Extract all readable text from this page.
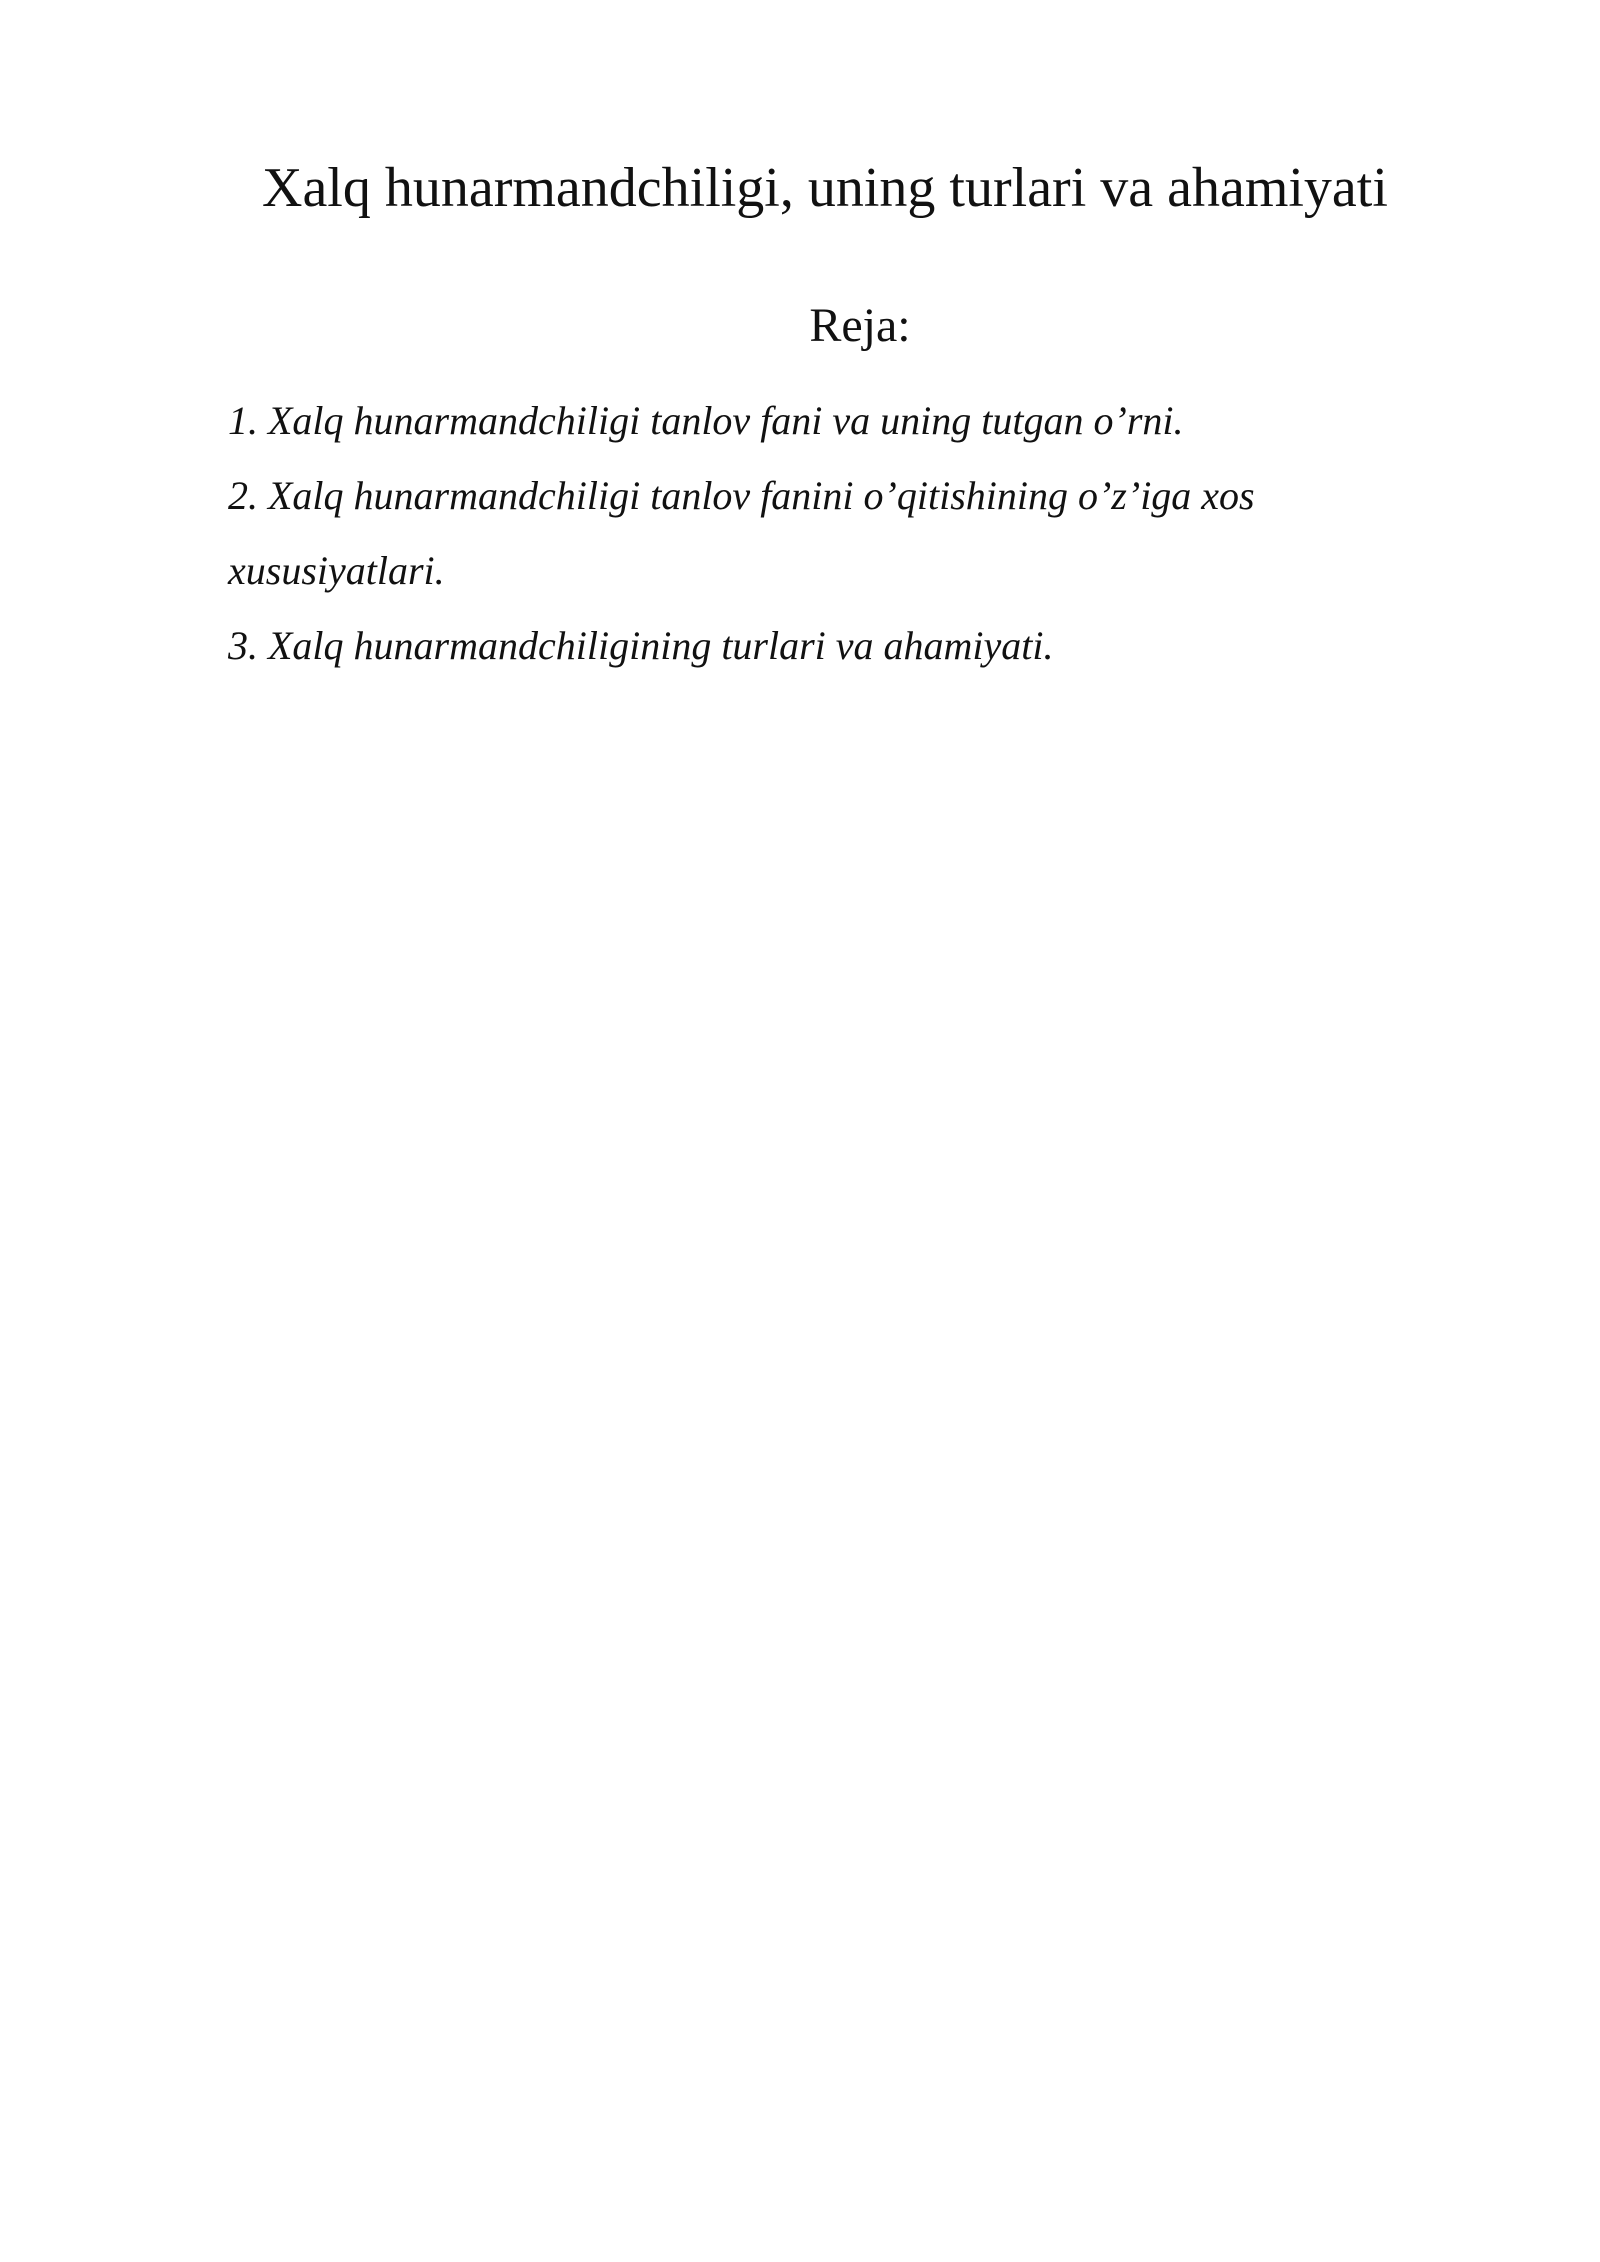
Xalq hunarmandchiligi, uning turlari va ahamiyati
Reja:
1. Xalq hunarmandchiligi tanlov fani va uning tutgan o’rni.
2. Xalq hunarmandchiligi tanlov fanini o’qitishining o’z’iga xos xususiyatlari.
3. Xalq hunarmandchiligining turlari va ahamiyati.
